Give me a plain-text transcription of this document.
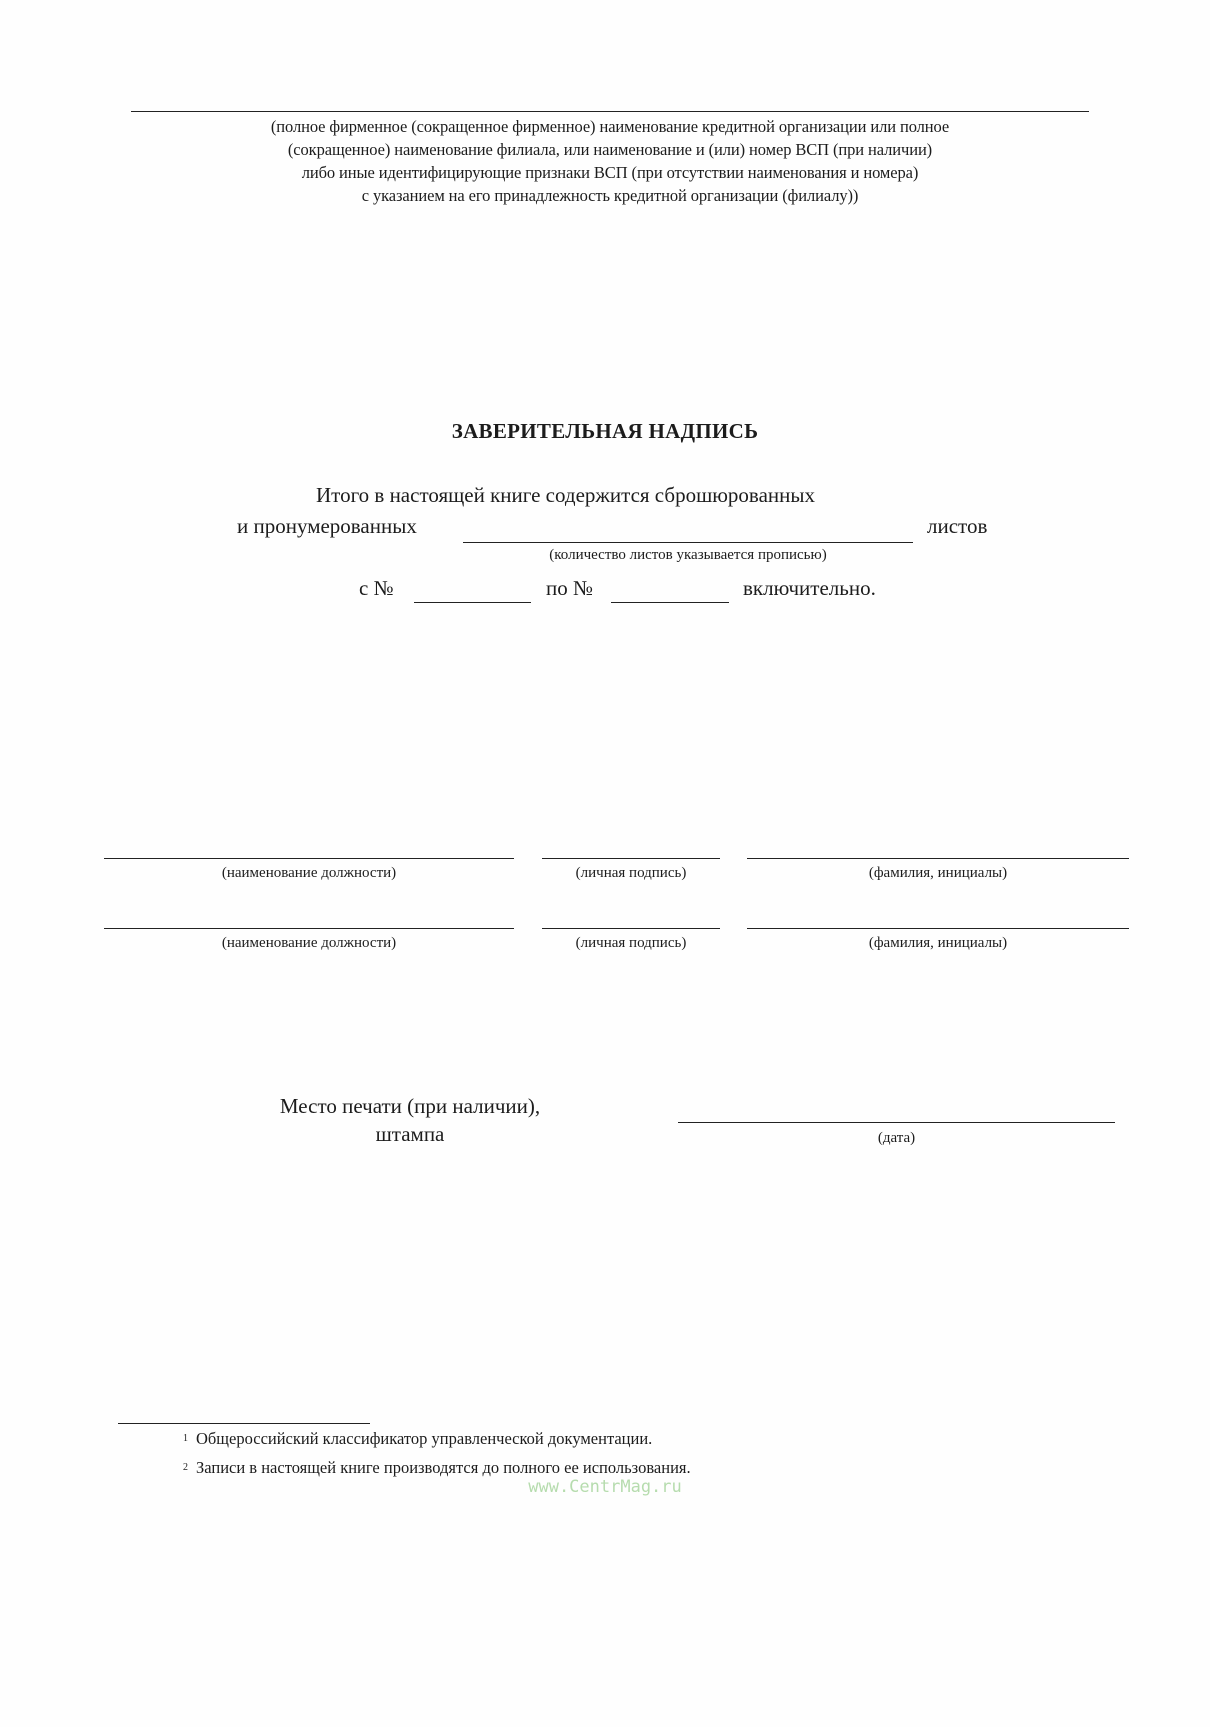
(полное фирменное (сокращенное фирменное) наименование кредитной организации или полное
(сокращенное) наименование филиала, или наименование и (или) номер ВСП (при наличии)
либо иные идентифицирующие признаки ВСП (при отсутствии наименования и номера)
с указанием на его принадлежность кредитной организации (филиалу))
ЗАВЕРИТЕЛЬНАЯ НАДПИСЬ
Итого в настоящей книге содержится сброшюрованных
и пронумерованных	листов
(количество листов указывается прописью)
с №	по №	включительно.
(наименование должности)	(личная подпись)	(фамилия, инициалы)
(наименование должности)	(личная подпись)	(фамилия, инициалы)
Место печати (при наличии),
штампа	(дата)
1 Общероссийский классификатор управленческой документации.
2 Записи в настоящей книге производятся до полного ее использования.
www.CentrMag.ru
